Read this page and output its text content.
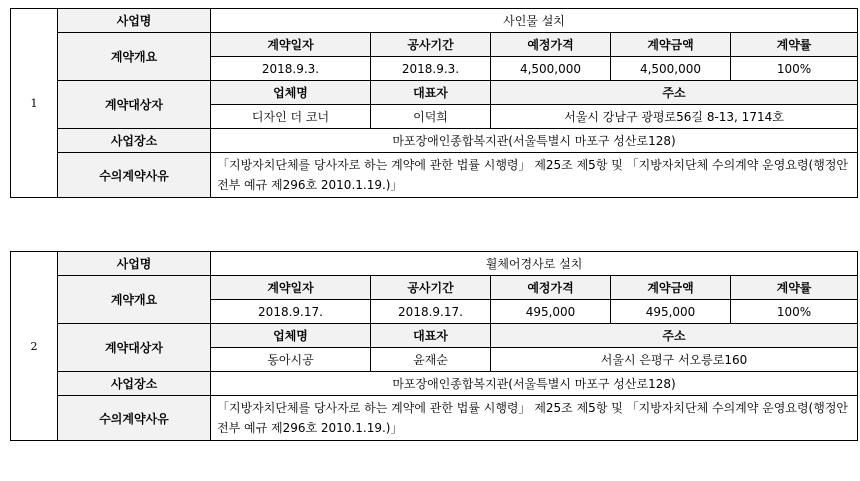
1	사업명	사인물 설치				
	계약개요	계약일자	공사기간	예정가격	계약금액	계약률
		2018.9.3.	2018.9.3.	4,500,000	4,500,000	100%
	계약대상자	업체명	대표자	주소		
		디자인 더 코너	이덕희	서울시 강남구 광평로56길 8-13, 1714호		
	사업장소	마포장애인종합복지관(서울특별시 마포구 성산로128)				
	수의계약사유	「지방자치단체를 당사자로 하는 계약에 관한 법률 시행령」 제25조 제5항 및 「지방자치단체 수의계약 운영요령(행정안전부 예규 제296호 2010.1.19.)」				
2	사업명	휠체어경사로 설치				
	계약개요	계약일자	공사기간	예정가격	계약금액	계약률
		2018.9.17.	2018.9.17.	495,000	495,000	100%
	계약대상자	업체명	대표자	주소		
		동아시공	윤재순	서울시 은평구 서오릉로160		
	사업장소	마포장애인종합복지관(서울특별시 마포구 성산로128)				
	수의계약사유	「지방자치단체를 당사자로 하는 계약에 관한 법률 시행령」 제25조 제5항 및 「지방자치단체 수의계약 운영요령(행정안전부 예규 제296호 2010.1.19.)」				
